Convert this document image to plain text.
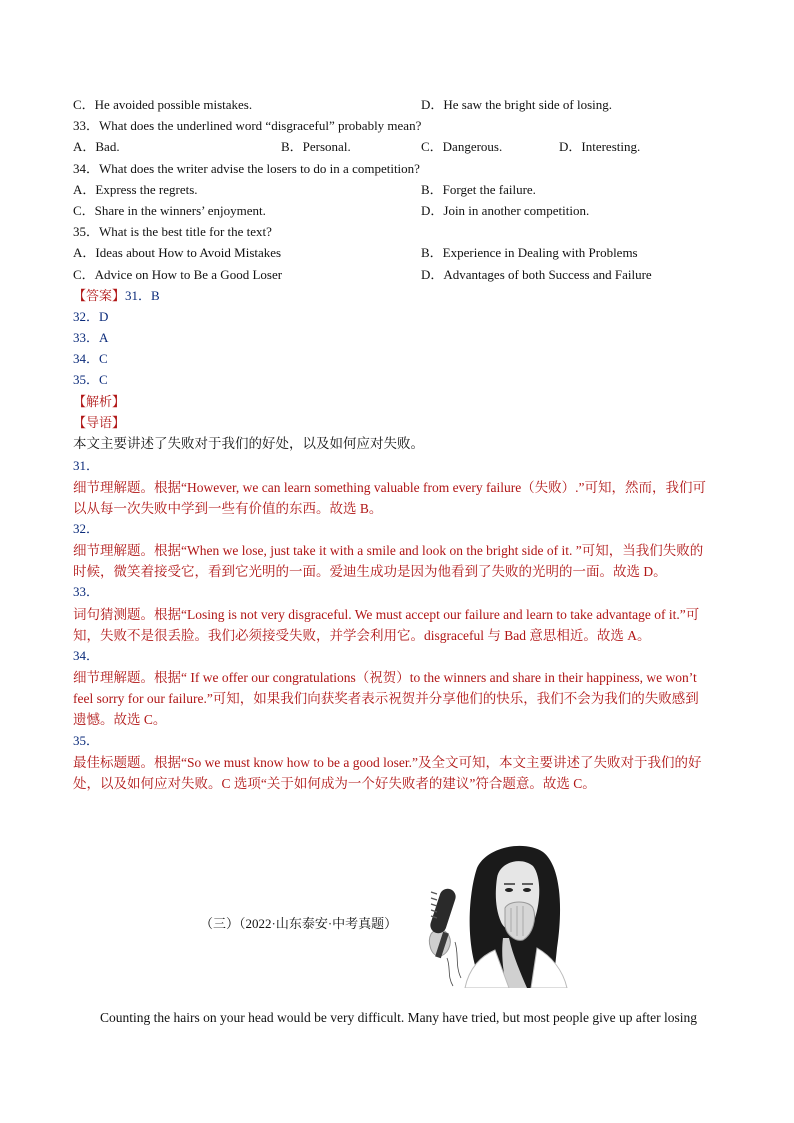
C．He avoided possible mistakes.	D．He saw the bright side of losing.
33．What does the underlined word “disgraceful” probably mean?
A．Bad.	B．Personal.	C．Dangerous.	D．Interesting.
34．What does the writer advise the losers to do in a competition?
A．Express the regrets.	B．Forget the failure.
C．Share in the winners’ enjoyment.	D．Join in another competition.
35．What is the best title for the text?
A．Ideas about How to Avoid Mistakes	B．Experience in Dealing with Problems
C．Advice on How to Be a Good Loser	D．Advantages of both Success and Failure
【答案】31．B
32．D
33．A
34．C
35．C
【解析】
【导语】
本文主要讲述了失败对于我们的好处，以及如何应对失败。
31．
细节理解题。根据“However, we can learn something valuable from every failure（失败）.”可知，然而，我们可
以从每一次失败中学到一些有价值的东西。故选 B。
32．
细节理解题。根据“When we lose, just take it with a smile and look on the bright side of it. ”可知，当我们失败的
时候，微笑着接受它，看到它光明的一面。爱迪生成功是因为他看到了失败的光明的一面。故选 D。
33．
词句猜测题。根据“Losing is not very disgraceful. We must accept our failure and learn to take advantage of it.”可
知，失败不是很丢脸。我们必须接受失败，并学会利用它。disgraceful 与 Bad 意思相近。故选 A。
34．
细节理解题。根据“ If we offer our congratulations（祝贺）to the winners and share in their happiness, we won’t
feel sorry for our failure.”可知，如果我们向获奖者表示祝贺并分享他们的快乐，我们不会为我们的失败感到
遗憾。故选 C。
35．
最佳标题题。根据“So we must know how to be a good loser.”及全文可知，本文主要讲述了失败对于我们的好
处，以及如何应对失败。C 选项“关于如何成为一个好失败者的建议”符合题意。故选 C。
（三）（2022·山东泰安·中考真题）
Counting the hairs on your head would be very difficult. Many have tried, but most people give up after losing
